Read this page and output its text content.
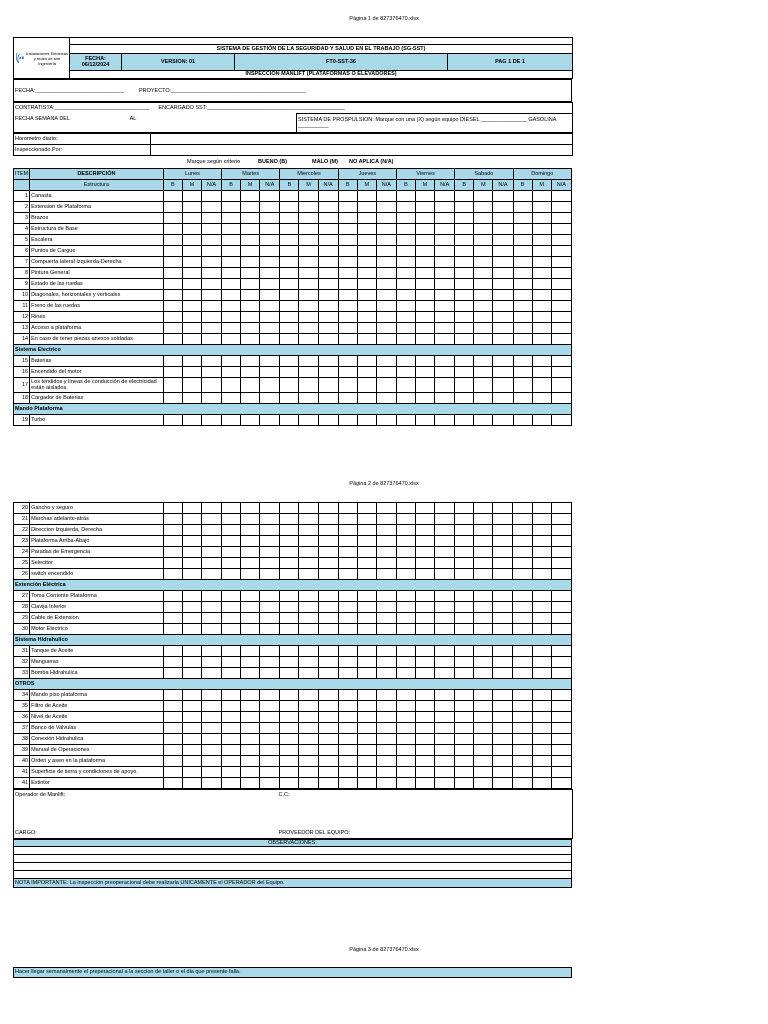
Página 1 de 827376470.xlsx
AR
Instalaciones Eléctricas
y redes de aire
Ingeniería				

	SISTEMA DE GESTIÓN DE LA SEGURIDAD Y SALUD EN EL TRABAJO (SG-SST)			

	FECHA:
06/12/2024	VERSION: 01	FT0-SST-36	PAG 1 DE 1
	INSPECCIÓN MANLIFT (PLATAFORMAS O ELEVADORES)			
FECHA:_____________________________	PROYECTO:____________________________________________
CONTRATISTA:_______________________________ ENCARGADO SST:_____________________________________________
FECHA SEMANA DEL	AL	SISTEMA DE PROSPULSION: Marque con una (X) según equipo DIESEL _______________ GASOLINA __________
Horometro diario:	
Inspeccionado Por:	
Marque según criterio	BUENO (B)	MALO (M) NO APLICA (N/A)
ITEM	DESCRIPCIÓN	Lunes			Martes			Miercoles			Jueves			Viernes			Sabado			Domingo		
	Estructura	B	M	N/A	B	M	N/A	B	M	N/A	B	M	N/A	B	M	N/A	B	M	N/A	B	M	N/A
1	Canasta																					
2	Extension de Plataforma																					
3	Brazos																					
4	Estructura de Base																					
5	Escalera																					
6	Puntos de Cargue																					
7	Compuerta lateral Izquierda-Derecha																					
8	Pintura General																					
9	Estado de las ruedas																					
10	Diagonales, horizontales y verticales																					
11	Freno de las ruedas																					
12	Rines																					
13	Acceso a plataforma																					
14	En caso de tener piezas anexos soldadas																					
Sistema Electrico																						
15	Baterias																					
16	Encendido del motor																					
17	Los tendidos y líneas de conducción de electricidad están aislados.																					
18	Cargador de Baterias																					
Mando Plataforma																						
19	Turbo																					
Página 2 de 827376470.xlsx
20	Gancho y seguro																					
21	Marchas adelante-atrás																					
22	Direccion Izquierda, Derecha																					
23	Plataforma Arriba-Abajo																					
24	Paradas de Emergencia																					
25	Selecttor																					
26	switch encendido																					
Extención Eléctrica																						
27	Toma Corriente Plataforma																					
28	Clavija Inferior																					
29	Cable de Extension																					
30	Motor Electrico																					
Sistema Hidrahulico																						
31	Tanque de Aceite																					
32	Mangueras																					
33	Bomba Hidrahulica																					
OTROS																						
34	Mando piso plataforma																					
35	Filtro de Aceite																					
36	Nivel de Aceite																					
37	Banco de Valvulas																					
38	Conexión Hidrahulica																					
39	Manual de Operaciones																					
40	Orden y aseo en la plataforma																					
41	Superficie de tierra y condiciones de apoyo.																					
41	Extintor																					
Operador de Manlift:	C.C:
CARGO:	PROVEEDOR DEL EQUIPO:
OBSERVACIONES:

NOTA IMPORTANTE: La inspección preoperacional debe realizarla UNICAMENTE el OPERADOR del Equipo.
Página 3 de 827376470.xlsx
Hacer llegar semanalmente el preperacional a la seccion de taller o el dia que presente falla.
